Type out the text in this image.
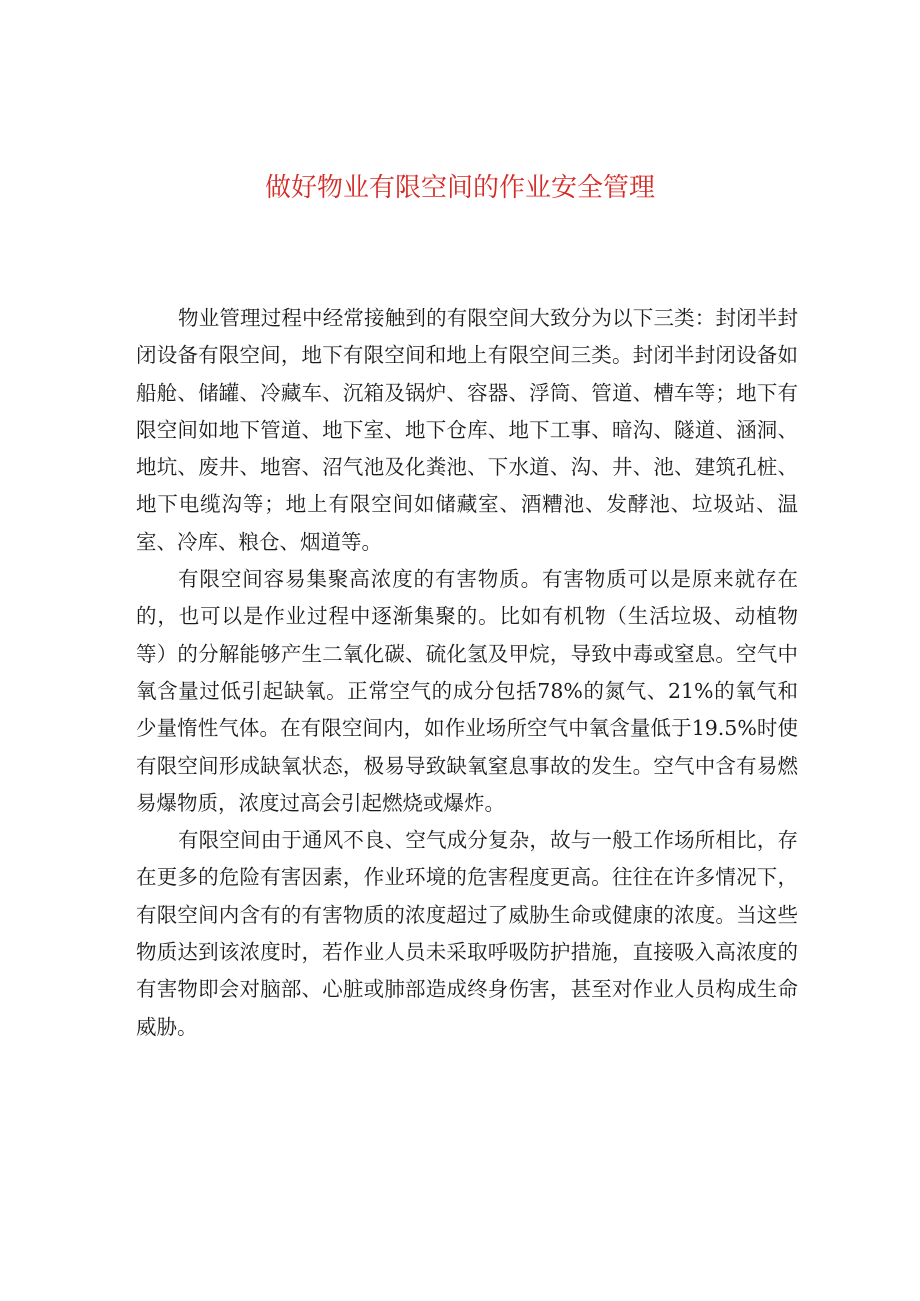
做好物业有限空间的作业安全管理

物业管理过程中经常接触到的有限空间大致分为以下三类：封闭半封闭设备有限空间，地下有限空间和地上有限空间三类。封闭半封闭设备如船舱、储罐、冷藏车、沉箱及锅炉、容器、浮筒、管道、槽车等；地下有限空间如地下管道、地下室、地下仓库、地下工事、暗沟、隧道、涵洞、地坑、废井、地窖、沼气池及化粪池、下水道、沟、井、池、建筑孔桩、地下电缆沟等；地上有限空间如储藏室、酒糟池、发酵池、垃圾站、温室、冷库、粮仓、烟道等。

有限空间容易集聚高浓度的有害物质。有害物质可以是原来就存在的，也可以是作业过程中逐渐集聚的。比如有机物（生活垃圾、动植物等）的分解能够产生二氧化碳、硫化氢及甲烷，导致中毒或窒息。空气中氧含量过低引起缺氧。正常空气的成分包括78%的氮气、21%的氧气和少量惰性气体。在有限空间内，如作业场所空气中氧含量低于19.5%时使有限空间形成缺氧状态，极易导致缺氧窒息事故的发生。空气中含有易燃易爆物质，浓度过高会引起燃烧或爆炸。

有限空间由于通风不良、空气成分复杂，故与一般工作场所相比，存在更多的危险有害因素，作业环境的危害程度更高。往往在许多情况下，有限空间内含有的有害物质的浓度超过了威胁生命或健康的浓度。当这些物质达到该浓度时，若作业人员未采取呼吸防护措施，直接吸入高浓度的有害物即会对脑部、心脏或肺部造成终身伤害，甚至对作业人员构成生命威胁。
